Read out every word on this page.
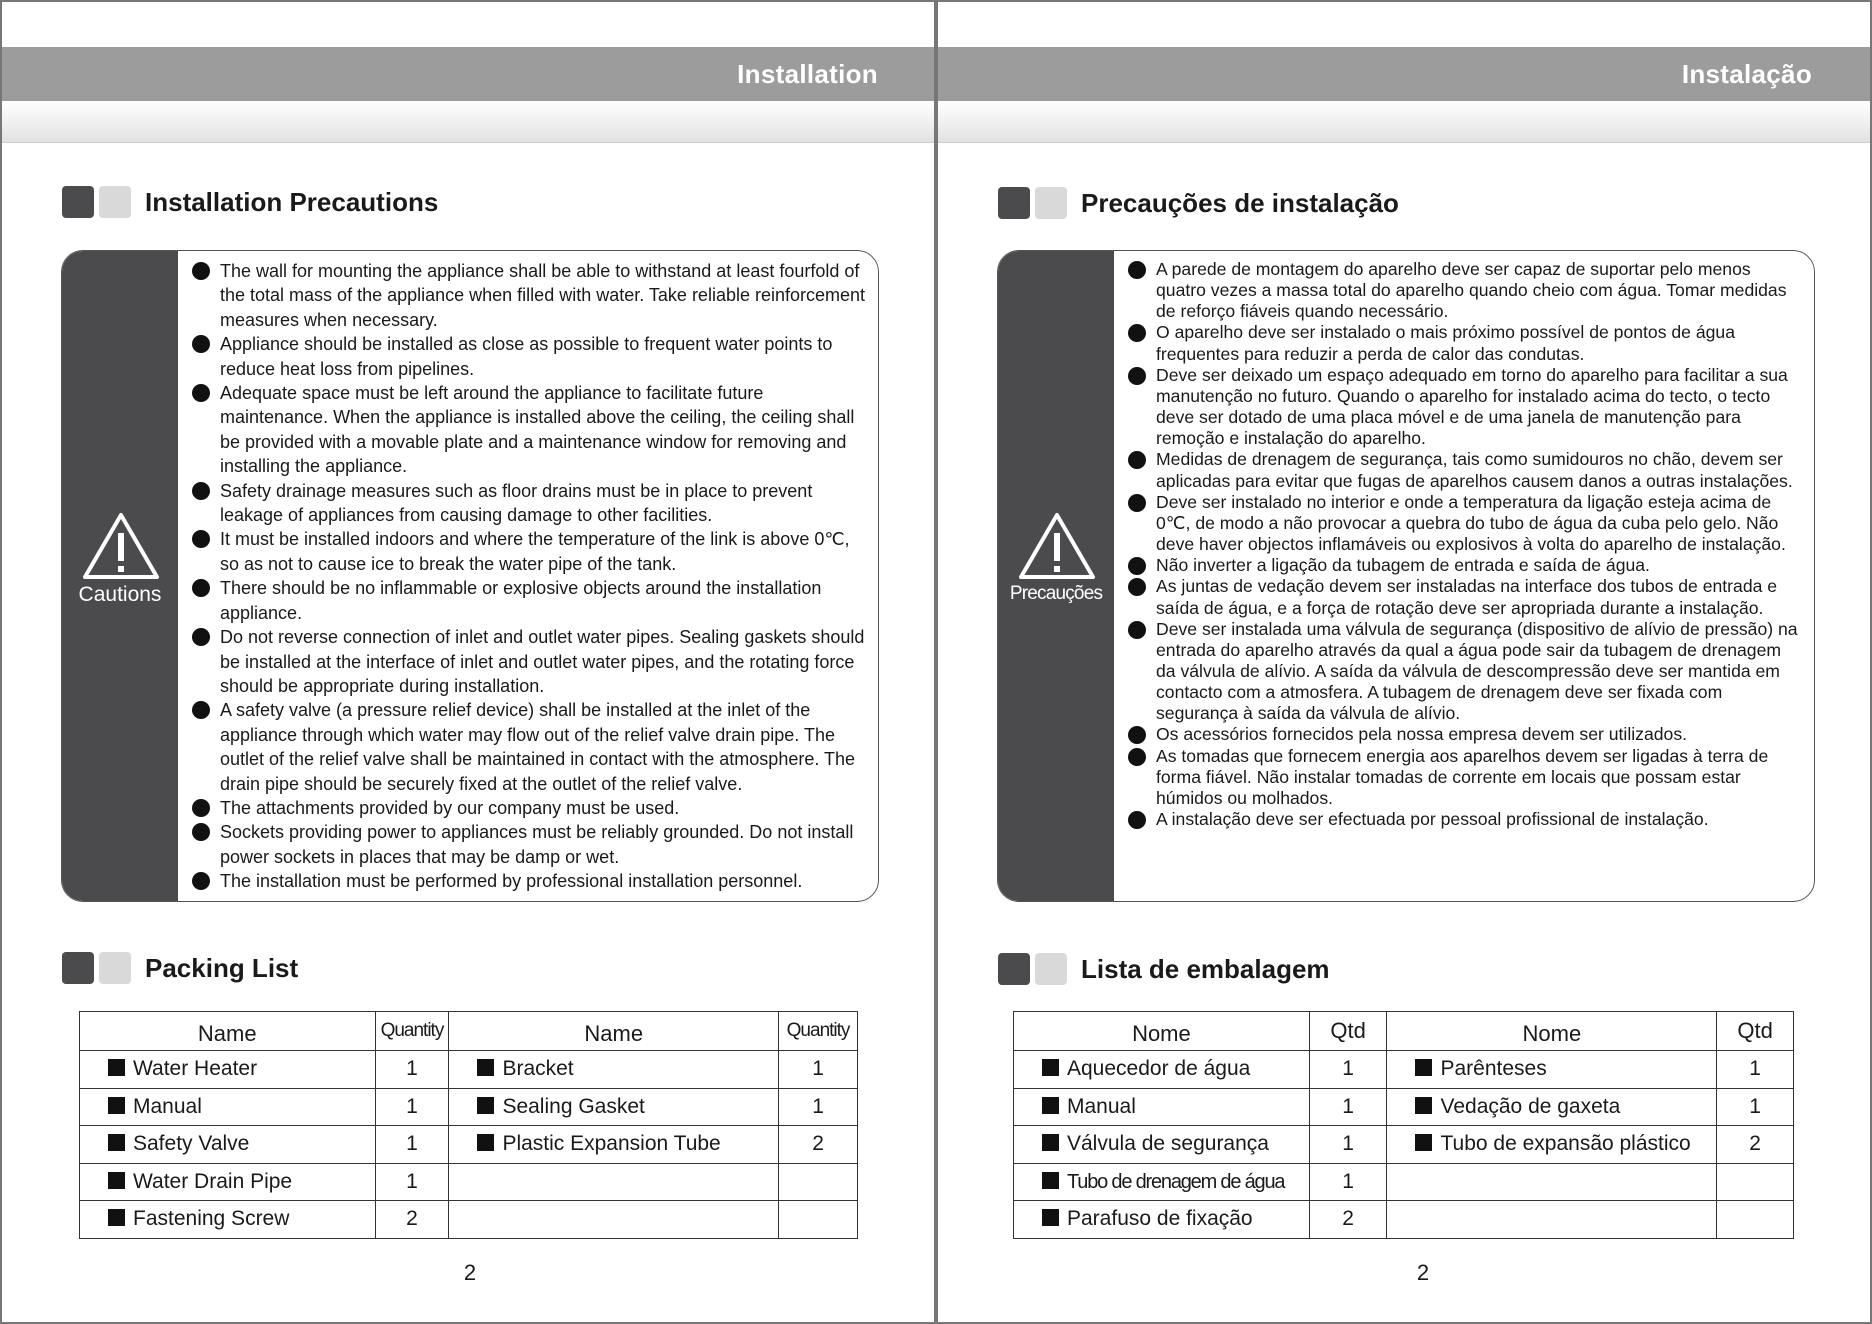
Installation
Installation Precautions
Cautions
The wall for mounting the appliance shall be able to withstand at least fourfold of the total mass of the appliance when filled with water. Take reliable reinforcement measures when necessary.
Appliance should be installed as close as possible to frequent water points to reduce heat loss from pipelines.
Adequate space must be left around the appliance to facilitate future maintenance. When the appliance is installed above the ceiling, the ceiling shall be provided with a movable plate and a maintenance window for removing and installing the appliance.
Safety drainage measures such as floor drains must be in place to prevent leakage of appliances from causing damage to other facilities.
It must be installed indoors and where the temperature of the link is above 0℃, so as not to cause ice to break the water pipe of the tank.
There should be no inflammable or explosive objects around the installation appliance.
Do not reverse connection of inlet and outlet water pipes. Sealing gaskets should be installed at the interface of inlet and outlet water pipes, and the rotating force should be appropriate during installation.
A safety valve (a pressure relief device) shall be installed at the inlet of the appliance through which water may flow out of the relief valve drain pipe. The outlet of the relief valve shall be maintained in contact with the atmosphere. The drain pipe should be securely fixed at the outlet of the relief valve.
The attachments provided by our company must be used.
Sockets providing power to appliances must be reliably grounded. Do not install power sockets in places that may be damp or wet.
The installation must be performed by professional installation personnel.
Packing List
Name	Quantity	Name	Quantity
Water Heater	1	Bracket	1
Manual	1	Sealing Gasket	1
Safety Valve	1	Plastic Expansion Tube	2
Water Drain Pipe	1		
Fastening Screw	2		
2
Instalação
Precauções de instalação
Precauções
A parede de montagem do aparelho deve ser capaz de suportar pelo menos quatro vezes a massa total do aparelho quando cheio com água. Tomar medidas de reforço fiáveis quando necessário.
O aparelho deve ser instalado o mais próximo possível de pontos de água frequentes para reduzir a perda de calor das condutas.
Deve ser deixado um espaço adequado em torno do aparelho para facilitar a sua manutenção no futuro. Quando o aparelho for instalado acima do tecto, o tecto deve ser dotado de uma placa móvel e de uma janela de manutenção para remoção e instalação do aparelho.
Medidas de drenagem de segurança, tais como sumidouros no chão, devem ser aplicadas para evitar que fugas de aparelhos causem danos a outras instalações.
Deve ser instalado no interior e onde a temperatura da ligação esteja acima de 0℃, de modo a não provocar a quebra do tubo de água da cuba pelo gelo. Não deve haver objectos inflamáveis ou explosivos à volta do aparelho de instalação.
Não inverter a ligação da tubagem de entrada e saída de água.
As juntas de vedação devem ser instaladas na interface dos tubos de entrada e saída de água, e a força de rotação deve ser apropriada durante a instalação.
Deve ser instalada uma válvula de segurança (dispositivo de alívio de pressão) na entrada do aparelho através da qual a água pode sair da tubagem de drenagem da válvula de alívio. A saída da válvula de descompressão deve ser mantida em contacto com a atmosfera. A tubagem de drenagem deve ser fixada com segurança à saída da válvula de alívio.
Os acessórios fornecidos pela nossa empresa devem ser utilizados.
As tomadas que fornecem energia aos aparelhos devem ser ligadas à terra de forma fiável. Não instalar tomadas de corrente em locais que possam estar húmidos ou molhados.
A instalação deve ser efectuada por pessoal profissional de instalação.
Lista de embalagem
Nome	Qtd	Nome	Qtd
Aquecedor de água	1	Parênteses	1
Manual	1	Vedação de gaxeta	1
Válvula de segurança	1	Tubo de expansão plástico	2
Tubo de drenagem de água	1		
Parafuso de fixação	2		
2
